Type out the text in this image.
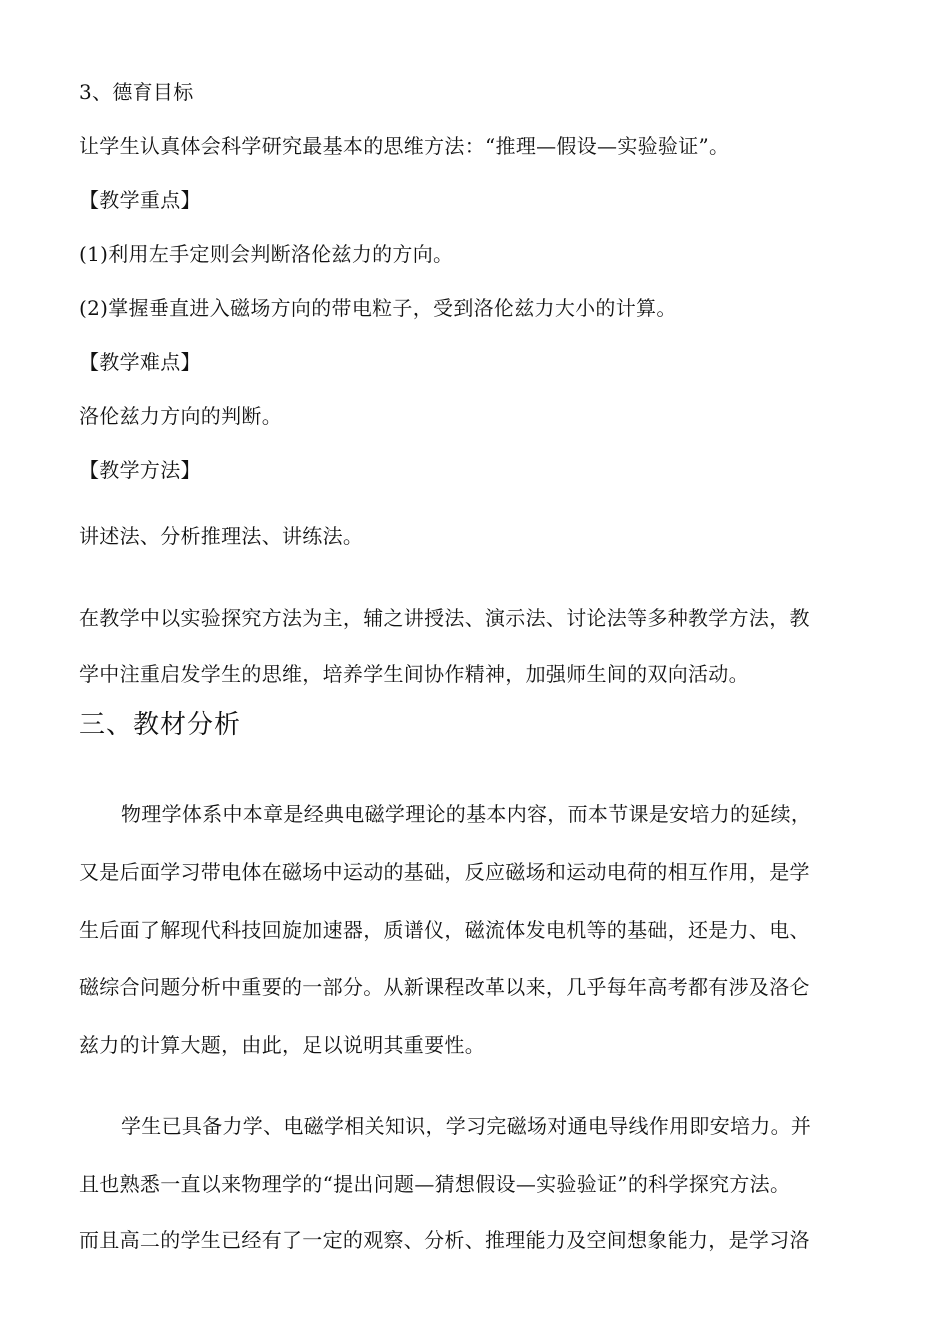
3、德育目标
让学生认真体会科学研究最基本的思维方法：“推理—假设—实验验证”。
【教学重点】
(1)利用左手定则会判断洛伦兹力的方向。
(2)掌握垂直进入磁场方向的带电粒子，受到洛伦兹力大小的计算。
【教学难点】
洛伦兹力方向的判断。
【教学方法】
讲述法、分析推理法、讲练法。
在教学中以实验探究方法为主，辅之讲授法、演示法、讨论法等多种教学方法，教
学中注重启发学生的思维，培养学生间协作精神，加强师生间的双向活动。
三、教材分析
物理学体系中本章是经典电磁学理论的基本内容，而本节课是安培力的延续，
又是后面学习带电体在磁场中运动的基础，反应磁场和运动电荷的相互作用，是学
生后面了解现代科技回旋加速器，质谱仪，磁流体发电机等的基础，还是力、电、
磁综合问题分析中重要的一部分。从新课程改革以来，几乎每年高考都有涉及洛仑
兹力的计算大题，由此，足以说明其重要性。
学生已具备力学、电磁学相关知识，学习完磁场对通电导线作用即安培力。并
且也熟悉一直以来物理学的“提出问题—猜想假设—实验验证”的科学探究方法。
而且高二的学生已经有了一定的观察、分析、推理能力及空间想象能力，是学习洛
